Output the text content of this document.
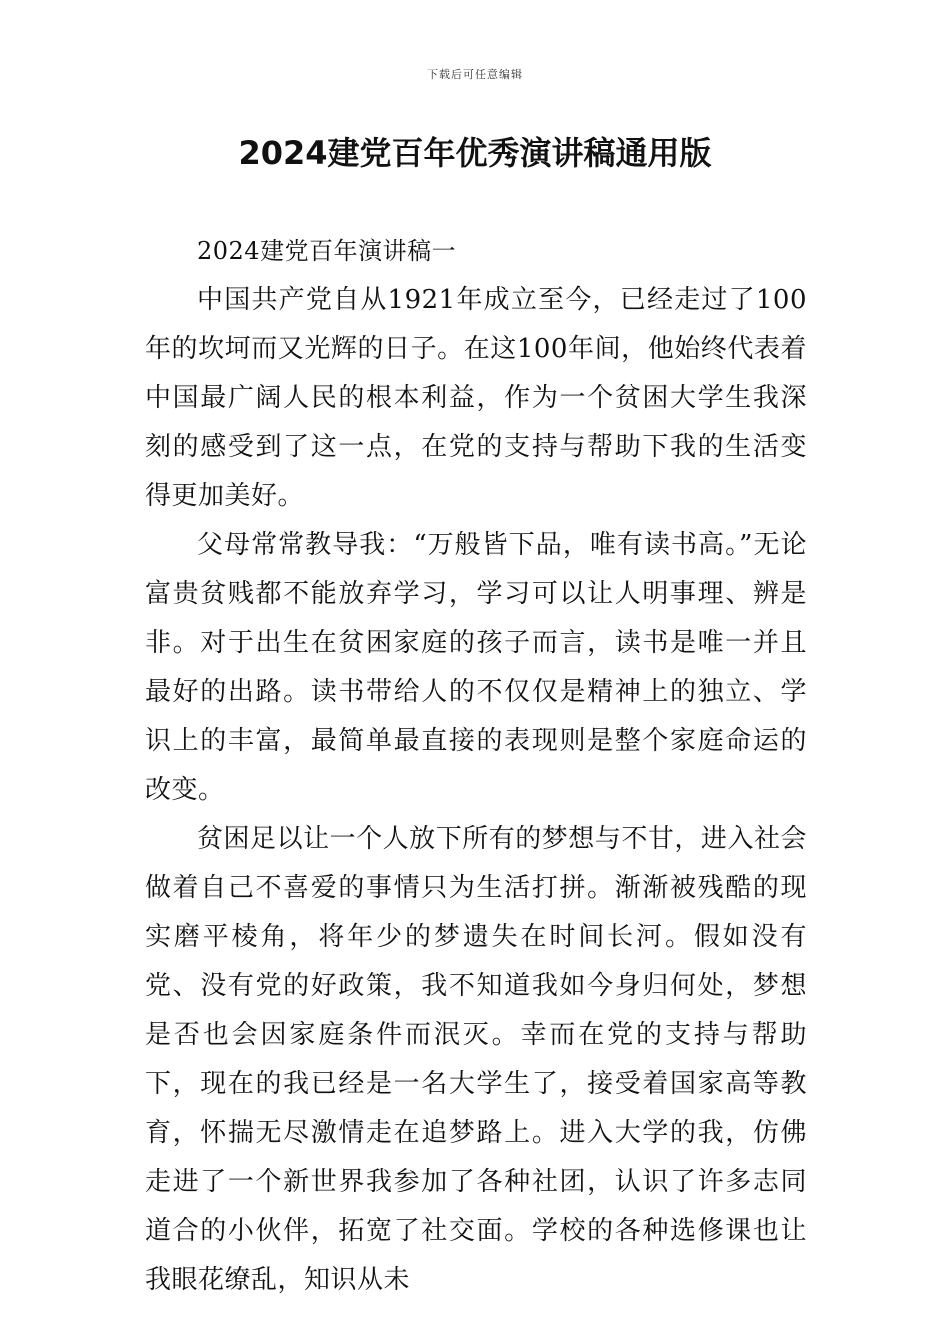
下载后可任意编辑
2024建党百年优秀演讲稿通用版

2024建党百年演讲稿一

中国共产党自从1921年成立至今，已经走过了100年的坎坷而又光辉的日子。在这100年间，他始终代表着中国最广阔人民的根本利益，作为一个贫困大学生我深刻的感受到了这一点，在党的支持与帮助下我的生活变得更加美好。

父母常常教导我：“万般皆下品，唯有读书高。”无论富贵贫贱都不能放弃学习，学习可以让人明事理、辨是非。对于出生在贫困家庭的孩子而言，读书是唯一并且最好的出路。读书带给人的不仅仅是精神上的独立、学识上的丰富，最简单最直接的表现则是整个家庭命运的改变。

贫困足以让一个人放下所有的梦想与不甘，进入社会做着自己不喜爱的事情只为生活打拼。渐渐被残酷的现实磨平棱角，将年少的梦遗失在时间长河。假如没有党、没有党的好政策，我不知道我如今身归何处，梦想是否也会因家庭条件而泯灭。幸而在党的支持与帮助下，现在的我已经是一名大学生了，接受着国家高等教育，怀揣无尽激情走在追梦路上。进入大学的我，仿佛走进了一个新世界我参加了各种社团，认识了许多志同道合的小伙伴，拓宽了社交面。学校的各种选修课也让我眼花缭乱，知识从未
